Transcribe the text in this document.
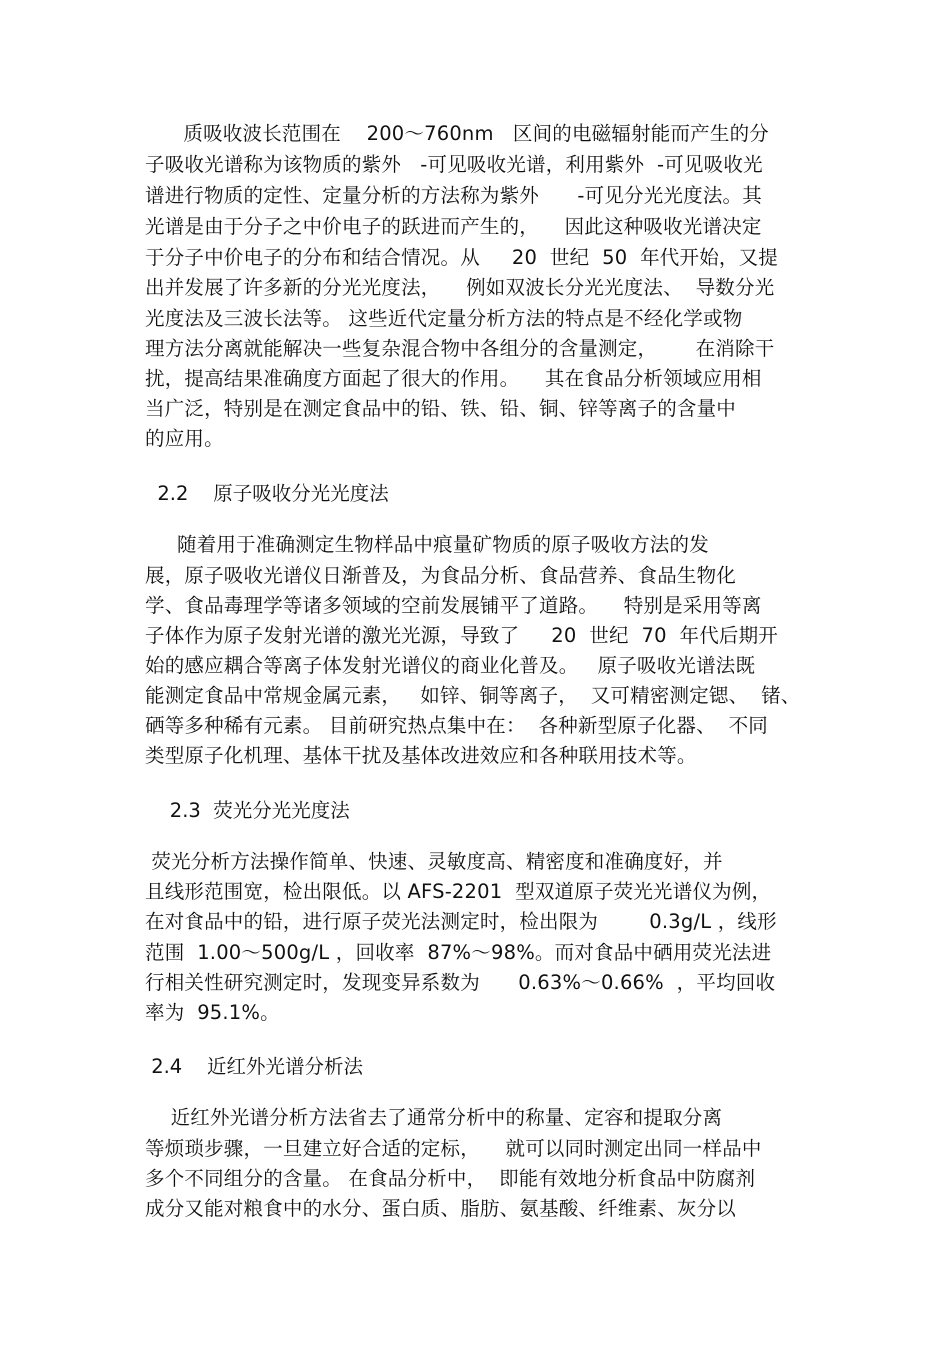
质吸收波长范围在    200～760nm   区间的电磁辐射能而产生的分
子吸收光谱称为该物质的紫外   -可见吸收光谱，利用紫外  -可见吸收光
谱进行物质的定性、定量分析的方法称为紫外      -可见分光光度法。其
光谱是由于分子之中价电子的跃进而产生的，    因此这种吸收光谱决定
于分子中价电子的分布和结合情况。从     20  世纪  50  年代开始，又提
出并发展了许多新的分光光度法，    例如双波长分光光度法、  导数分光
光度法及三波长法等。 这些近代定量分析方法的特点是不经化学或物
理方法分离就能解决一些复杂混合物中各组分的含量测定，      在消除干
扰，提高结果准确度方面起了很大的作用。    其在食品分析领域应用相
当广泛，特别是在测定食品中的铅、铁、铅、铜、锌等离子的含量中
的应用。
2.2    原子吸收分光光度法
随着用于准确测定生物样品中痕量矿物质的原子吸收方法的发
展，原子吸收光谱仪日渐普及，为食品分析、食品营养、食品生物化
学、食品毒理学等诸多领域的空前发展铺平了道路。    特别是采用等离
子体作为原子发射光谱的激光光源，导致了     20  世纪  70  年代后期开
始的感应耦合等离子体发射光谱仪的商业化普及。   原子吸收光谱法既
能测定食品中常规金属元素，   如锌、铜等离子，  又可精密测定锶、  锗、
硒等多种稀有元素。 目前研究热点集中在：  各种新型原子化器、  不同
类型原子化机理、基体干扰及基体改进效应和各种联用技术等。
2.3  荧光分光光度法
荧光分析方法操作简单、快速、灵敏度高、精密度和准确度好，并
且线形范围宽，检出限低。以 AFS-2201  型双道原子荧光光谱仪为例，
在对食品中的铅，进行原子荧光法测定时，检出限为        0.3g/L ，线形
范围  1.00～500g/L ，回收率  87%～98%。而对食品中硒用荧光法进
行相关性研究测定时，发现变异系数为      0.63%～0.66%  ，平均回收
率为  95.1%。
2.4    近红外光谱分析法
近红外光谱分析方法省去了通常分析中的称量、定容和提取分离
等烦琐步骤，一旦建立好合适的定标，    就可以同时测定出同一样品中
多个不同组分的含量。 在食品分析中，  即能有效地分析食品中防腐剂
成分又能对粮食中的水分、蛋白质、脂肪、氨基酸、纤维素、灰分以
